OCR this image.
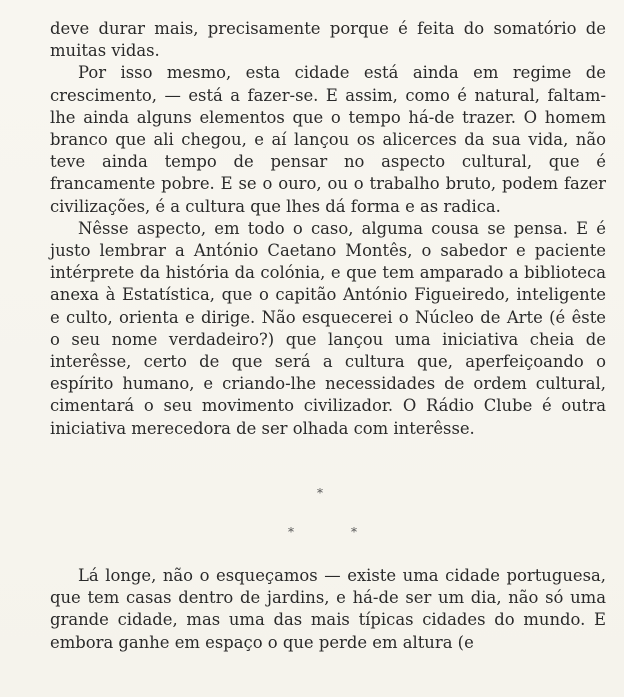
deve durar mais, precisamente porque é feita do somatório de muitas vidas.

Por isso mesmo, esta cidade está ainda em regime de crescimento, — está a fazer-se. E assim, como é natural, faltam-lhe ainda alguns elementos que o tempo há-de trazer. O homem branco que ali chegou, e aí lançou os alicerces da sua vida, não teve ainda tempo de pensar no aspecto cultural, que é francamente pobre. E se o ouro, ou o trabalho bruto, podem fazer civilizações, é a cultura que lhes dá forma e as radica.

Nêsse aspecto, em todo o caso, alguma cousa se pensa. E é justo lembrar a António Caetano Montês, o sabedor e paciente intérprete da história da colónia, e que tem amparado a biblioteca anexa à Estatística, que o capitão António Figueiredo, inteligente e culto, orienta e dirige. Não esquecerei o Núcleo de Arte (é êste o seu nome verdadeiro?) que lançou uma iniciativa cheia de interêsse, certo de que será a cultura que, aperfeiçoando o espírito humano, e criando-lhe necessidades de ordem cultural, cimentará o seu movimento civilizador. O Rádio Clube é outra iniciativa merecedora de ser olhada com interêsse.

*
*	*

Lá longe, não o esqueçamos — existe uma cidade portuguesa, que tem casas dentro de jardins, e há-de ser um dia, não só uma grande cidade, mas uma das mais típicas cidades do mundo. E embora ganhe em espaço o que perde em altura (e
